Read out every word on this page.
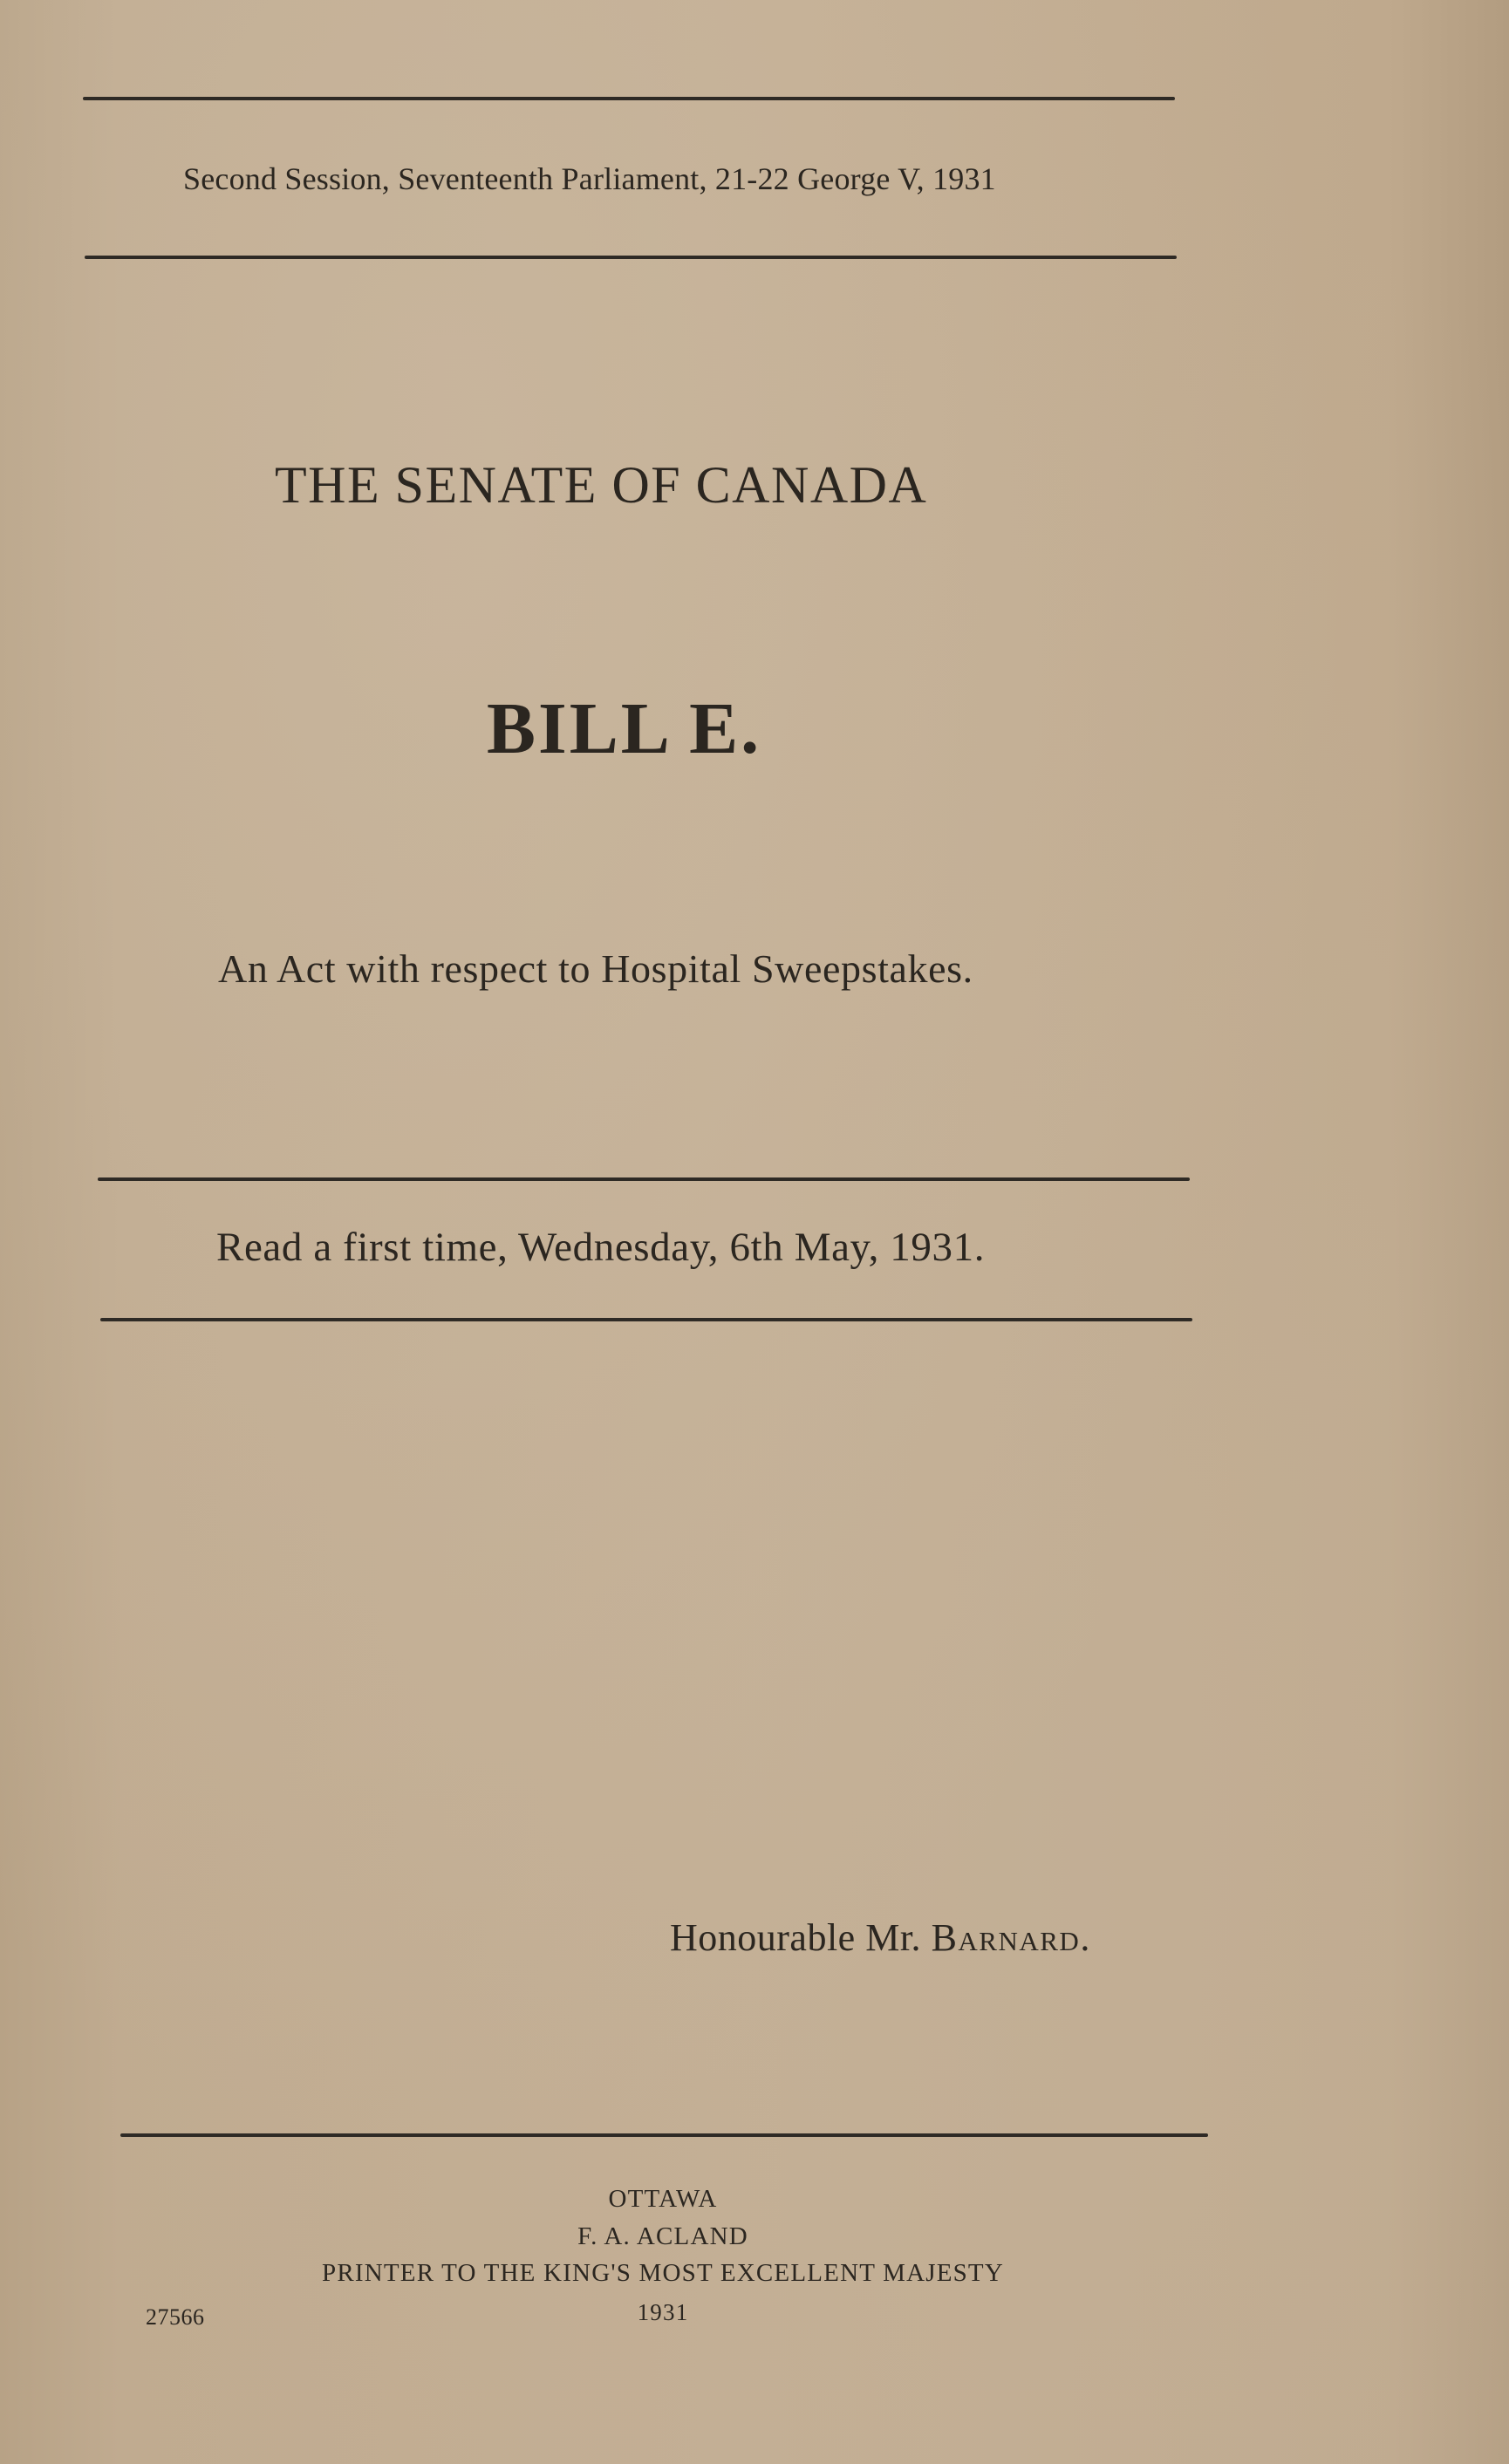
Second Session, Seventeenth Parliament, 21-22 George V, 1931
THE SENATE OF CANADA
BILL E.
An Act with respect to Hospital Sweepstakes.
Read a first time, Wednesday, 6th May, 1931.
Honourable Mr. Barnard.
OTTAWA
F. A. ACLAND
PRINTER TO THE KING'S MOST EXCELLENT MAJESTY
1931
27566
